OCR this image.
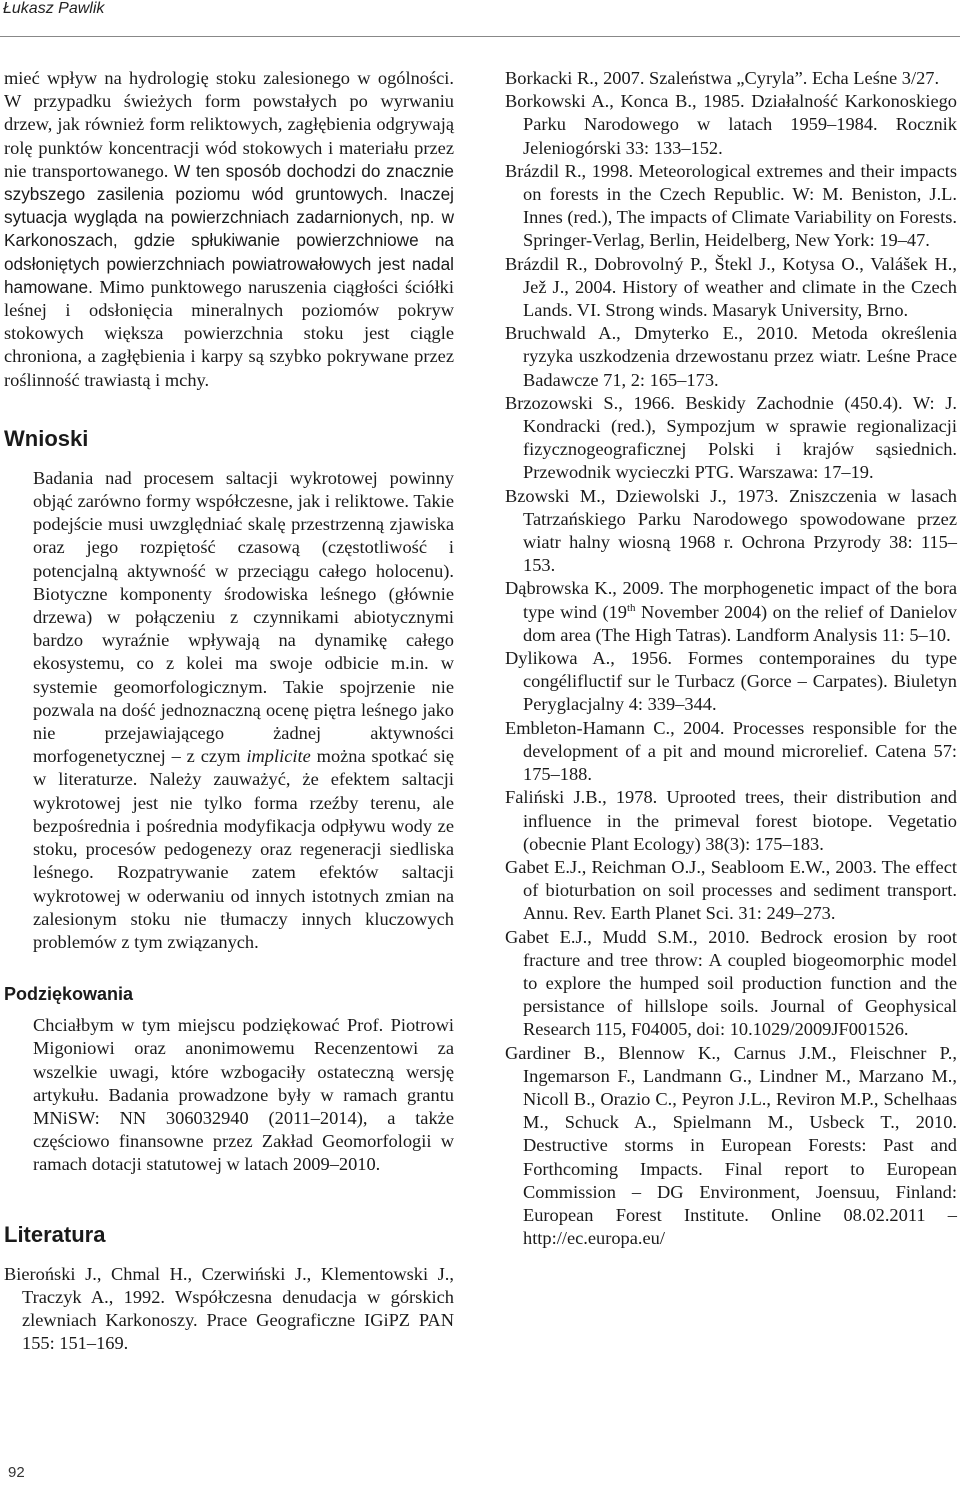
Łukasz Pawlik

mieć wpływ na hydrologię stoku zalesionego w ogólności. W przypadku świeżych form powstałych po wyrwaniu drzew, jak również form reliktowych, zagłębienia odgrywają rolę punktów koncentracji wód stokowych i materiału przez nie transportowanego. W ten sposób dochodzi do znacznie szybszego zasilenia poziomu wód gruntowych. Inaczej sytuacja wygląda na powierzchniach zadarnionych, np. w Karkonoszach, gdzie spłukiwanie powierzchniowe na odsłoniętych powierzchniach powiatrowałowych jest nadal hamowane. Mimo punktowego naruszenia ciągłości ściółki leśnej i odsłonięcia mineralnych poziomów pokryw stokowych większa powierzchnia stoku jest ciągle chroniona, a zagłębienia i karpy są szybko pokrywane przez roślinność trawiastą i mchy.

Wnioski

Badania nad procesem saltacji wykrotowej powinny objąć zarówno formy współczesne, jak i reliktowe. Takie podejście musi uwzględniać skalę przestrzenną zjawiska oraz jego rozpiętość czasową (częstotliwość i potencjalną aktywność w przeciągu całego holocenu). Biotyczne komponenty środowiska leśnego (głównie drzewa) w połączeniu z czynnikami abiotycznymi bardzo wyraźnie wpływają na dynamikę całego ekosystemu, co z kolei ma swoje odbicie m.in. w systemie geomorfologicznym. Takie spojrzenie nie pozwala na dość jednoznaczną ocenę piętra leśnego jako nie przejawiającego żadnej aktywności morfogenetycznej – z czym implicite można spotkać się w literaturze. Należy zauważyć, że efektem saltacji wykrotowej jest nie tylko forma rzeźby terenu, ale bezpośrednia i pośrednia modyfikacja odpływu wody ze stoku, procesów pedogenezy oraz regeneracji siedliska leśnego. Rozpatrywanie zatem efektów saltacji wykrotowej w oderwaniu od innych istotnych zmian na zalesionym stoku nie tłumaczy innych kluczowych problemów z tym związanych.

Podziękowania

Chciałbym w tym miejscu podziękować Prof. Piotrowi Migoniowi oraz anonimowemu Recenzentowi za wszelkie uwagi, które wzbogaciły ostateczną wersję artykułu. Badania prowadzone były w ramach grantu MNiSW: NN 306032940 (2011–2014), a także częściowo finansowne przez Zakład Geomorfologii w ramach dotacji statutowej w latach 2009–2010.

Literatura

Bieroński J., Chmal H., Czerwiński J., Klementowski J., Traczyk A., 1992. Współczesna denudacja w górskich zlewniach Karkonoszy. Prace Geograficzne IGiPZ PAN 155: 151–169.

Borkacki R., 2007. Szaleństwa „Cyryla”. Echa Leśne 3/27.

Borkowski A., Konca B., 1985. Działalność Karkonoskiego Parku Narodowego w latach 1959–1984. Rocznik Jeleniogórski 33: 133–152.

Brázdil R., 1998. Meteorological extremes and their impacts on forests in the Czech Republic. W: M. Beniston, J.L. Innes (red.), The impacts of Climate Variability on Forests. Springer-Verlag, Berlin, Heidelberg, New York: 19–47.

Brázdil R., Dobrovolný P., Štekl J., Kotysa O., Valášek H., Jež J., 2004. History of weather and climate in the Czech Lands. VI. Strong winds. Masaryk University, Brno.

Bruchwald A., Dmyterko E., 2010. Metoda określenia ryzyka uszkodzenia drzewostanu przez wiatr. Leśne Prace Badawcze 71, 2: 165–173.

Brzozowski S., 1966. Beskidy Zachodnie (450.4). W: J. Kondracki (red.), Sympozjum w sprawie regionalizacji fizycznogeograficznej Polski i krajów sąsiednich. Przewodnik wycieczki PTG. Warszawa: 17–19.

Bzowski M., Dziewolski J., 1973. Zniszczenia w lasach Tatrzańskiego Parku Narodowego spowodowane przez wiatr halny wiosną 1968 r. Ochrona Przyrody 38: 115–153.

Dąbrowska K., 2009. The morphogenetic impact of the bora type wind (19th November 2004) on the relief of Danielov dom area (The High Tatras). Landform Analysis 11: 5–10.

Dylikowa A., 1956. Formes contemporaines du type congélifluctif sur le Turbacz (Gorce – Carpates). Biuletyn Peryglacjalny 4: 339–344.

Embleton-Hamann C., 2004. Processes responsible for the development of a pit and mound microrelief. Catena 57: 175–188.

Faliński J.B., 1978. Uprooted trees, their distribution and influence in the primeval forest biotope. Vegetatio (obecnie Plant Ecology) 38(3): 175–183.

Gabet E.J., Reichman O.J., Seabloom E.W., 2003. The effect of bioturbation on soil processes and sediment transport. Annu. Rev. Earth Planet Sci. 31: 249–273.

Gabet E.J., Mudd S.M., 2010. Bedrock erosion by root fracture and tree throw: A coupled biogeomorphic model to explore the humped soil production function and the persistance of hillslope soils. Journal of Geophysical Research 115, F04005, doi: 10.1029/2009JF001526.

Gardiner B., Blennow K., Carnus J.M., Fleischner P., Ingemarson F., Landmann G., Lindner M., Marzano M., Nicoll B., Orazio C., Peyron J.L., Reviron M.P., Schelhaas M., Schuck A., Spielmann M., Usbeck T., 2010. Destructive storms in European Forests: Past and Forthcoming Impacts. Final report to European Commission – DG Environment, Joensuu, Finland: European Forest Institute. Online 08.02.2011 – http://ec.europa.eu/

92
